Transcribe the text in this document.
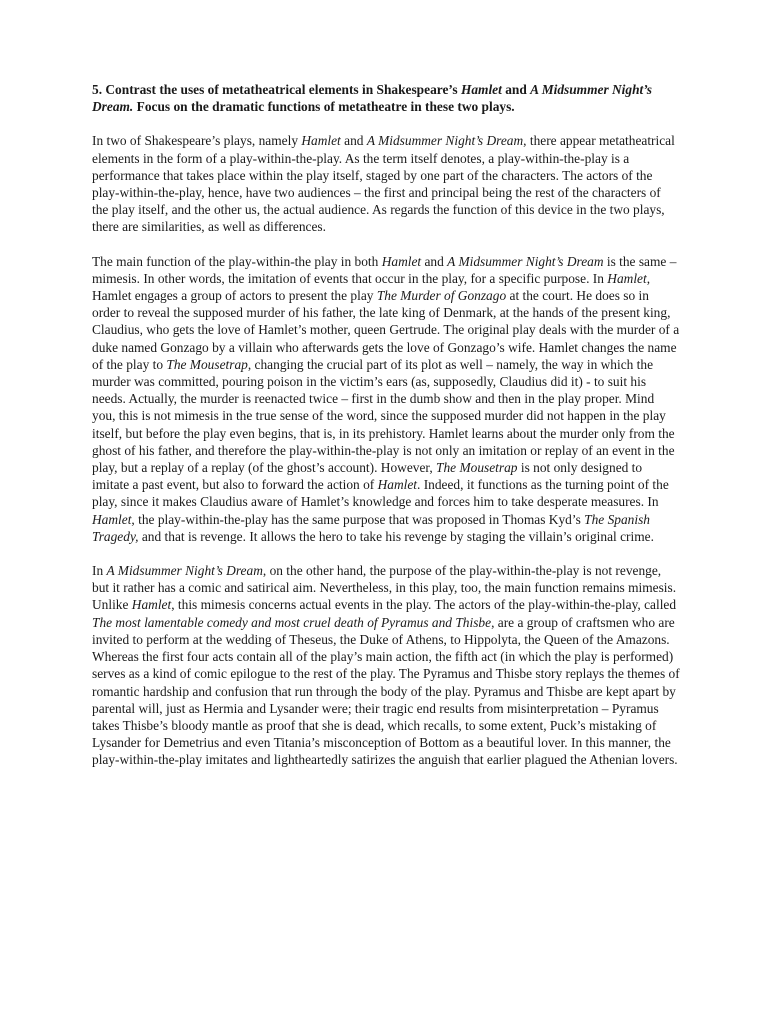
5. Contrast the uses of metatheatrical elements in Shakespeare’s Hamlet and A Midsummer Night’s Dream. Focus on the dramatic functions of metatheatre in these two plays.

In two of Shakespeare’s plays, namely Hamlet and A Midsummer Night’s Dream, there appear metatheatrical elements in the form of a play-within-the-play. As the term itself denotes, a play-within-the-play is a performance that takes place within the play itself, staged by one part of the characters. The actors of the play-within-the-play, hence, have two audiences – the first and principal being the rest of the characters of the play itself, and the other us, the actual audience. As regards the function of this device in the two plays, there are similarities, as well as differences.

The main function of the play-within-the play in both Hamlet and A Midsummer Night’s Dream is the same – mimesis. In other words, the imitation of events that occur in the play, for a specific purpose. In Hamlet, Hamlet engages a group of actors to present the play The Murder of Gonzago at the court. He does so in order to reveal the supposed murder of his father, the late king of Denmark, at the hands of the present king, Claudius, who gets the love of Hamlet’s mother, queen Gertrude. The original play deals with the murder of a duke named Gonzago by a villain who afterwards gets the love of Gonzago’s wife. Hamlet changes the name of the play to The Mousetrap, changing the crucial part of its plot as well – namely, the way in which the murder was committed, pouring poison in the victim’s ears (as, supposedly, Claudius did it) - to suit his needs. Actually, the murder is reenacted twice – first in the dumb show and then in the play proper. Mind you, this is not mimesis in the true sense of the word, since the supposed murder did not happen in the play itself, but before the play even begins, that is, in its prehistory. Hamlet learns about the murder only from the ghost of his father, and therefore the play-within-the-play is not only an imitation or replay of an event in the play, but a replay of a replay (of the ghost’s account). However, The Mousetrap is not only designed to imitate a past event, but also to forward the action of Hamlet. Indeed, it functions as the turning point of the play, since it makes Claudius aware of Hamlet’s knowledge and forces him to take desperate measures. In Hamlet, the play-within-the-play has the same purpose that was proposed in Thomas Kyd’s The Spanish Tragedy, and that is revenge. It allows the hero to take his revenge by staging the villain’s original crime.

In A Midsummer Night’s Dream, on the other hand, the purpose of the play-within-the-play is not revenge, but it rather has a comic and satirical aim. Nevertheless, in this play, too, the main function remains mimesis. Unlike Hamlet, this mimesis concerns actual events in the play. The actors of the play-within-the-play, called The most lamentable comedy and most cruel death of Pyramus and Thisbe, are a group of craftsmen who are invited to perform at the wedding of Theseus, the Duke of Athens, to Hippolyta, the Queen of the Amazons. Whereas the first four acts contain all of the play’s main action, the fifth act (in which the play is performed) serves as a kind of comic epilogue to the rest of the play. The Pyramus and Thisbe story replays the themes of romantic hardship and confusion that run through the body of the play. Pyramus and Thisbe are kept apart by parental will, just as Hermia and Lysander were; their tragic end results from misinterpretation – Pyramus takes Thisbe’s bloody mantle as proof that she is dead, which recalls, to some extent, Puck’s mistaking of Lysander for Demetrius and even Titania’s misconception of Bottom as a beautiful lover. In this manner, the play-within-the-play imitates and lightheartedly satirizes the anguish that earlier plagued the Athenian lovers.
